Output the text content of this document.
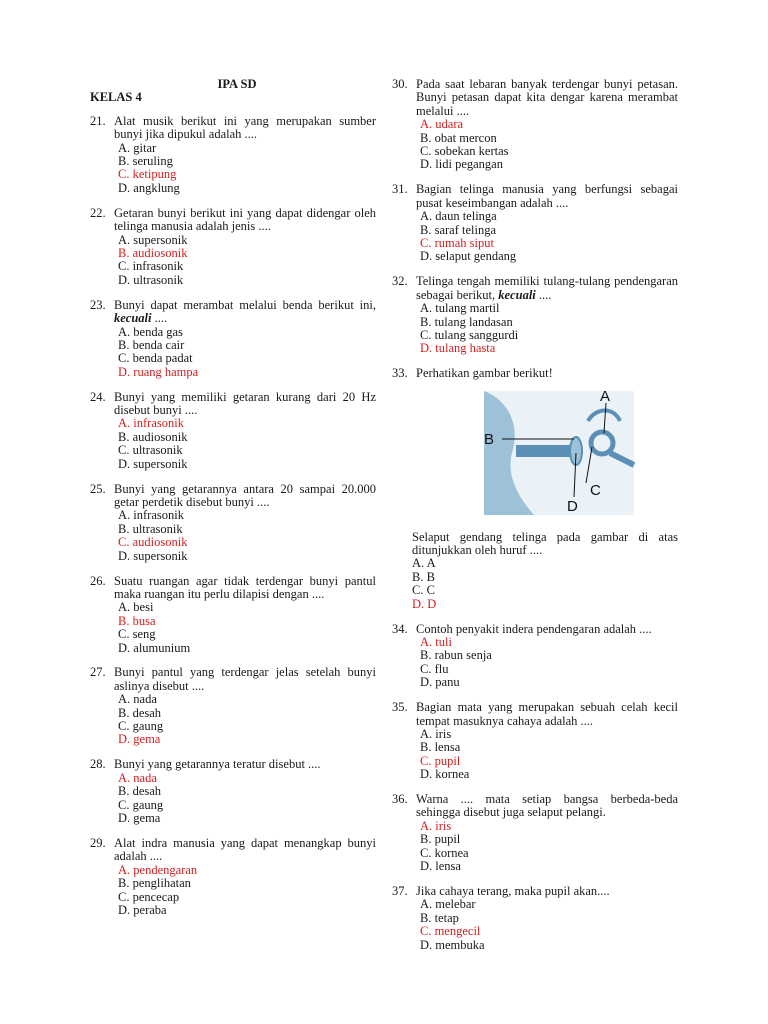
IPA SD
KELAS 4
21. Alat musik berikut ini yang merupakan sumber bunyi jika dipukul adalah ....
A. gitar
B. seruling
C. ketipung
D. angklung
22. Getaran bunyi berikut ini yang dapat didengar oleh telinga manusia adalah jenis ....
A. supersonik
B. audiosonik
C. infrasonik
D. ultrasonik
23. Bunyi dapat merambat melalui benda berikut ini, kecuali ....
A. benda gas
B. benda cair
C. benda padat
D. ruang hampa
24. Bunyi yang memiliki getaran kurang dari 20 Hz disebut bunyi ....
A. infrasonik
B. audiosonik
C. ultrasonik
D. supersonik
25. Bunyi yang getarannya antara 20 sampai 20.000 getar perdetik disebut bunyi ....
A. infrasonik
B. ultrasonik
C. audiosonik
D. supersonik
26. Suatu ruangan agar tidak terdengar bunyi pantul maka ruangan itu perlu dilapisi dengan ....
A. besi
B. busa
C. seng
D. alumunium
27. Bunyi pantul yang terdengar jelas setelah bunyi aslinya disebut ....
A. nada
B. desah
C. gaung
D. gema
28. Bunyi yang getarannya teratur disebut ....
A. nada
B. desah
C. gaung
D. gema
29. Alat indra manusia yang dapat menangkap bunyi adalah ....
A. pendengaran
B. penglihatan
C. pencecap
D. peraba
30. Pada saat lebaran banyak terdengar bunyi petasan. Bunyi petasan dapat kita dengar karena merambat melalui ....
A. udara
B. obat mercon
C. sobekan kertas
D. lidi pegangan
31. Bagian telinga manusia yang berfungsi sebagai pusat keseimbangan adalah ....
A. daun telinga
B. saraf telinga
C. rumah siput
D. selaput gendang
32. Telinga tengah memiliki tulang-tulang pendengaran sebagai berikut, kecuali ....
A. tulang martil
B. tulang landasan
C. tulang sanggurdi
D. tulang hasta
33. Perhatikan gambar berikut!
A
B
C
D
Selaput gendang telinga pada gambar di atas ditunjukkan oleh huruf ....
A. A
B. B
C. C
D. D
34. Contoh penyakit indera pendengaran adalah ....
A. tuli
B. rabun senja
C. flu
D. panu
35. Bagian mata yang merupakan sebuah celah kecil tempat masuknya cahaya adalah ....
A. iris
B. lensa
C. pupil
D. kornea
36. Warna .... mata setiap bangsa berbeda-beda sehingga disebut juga selaput pelangi.
A. iris
B. pupil
C. kornea
D. lensa
37. Jika cahaya terang, maka pupil akan....
A. melebar
B. tetap
C. mengecil
D. membuka
